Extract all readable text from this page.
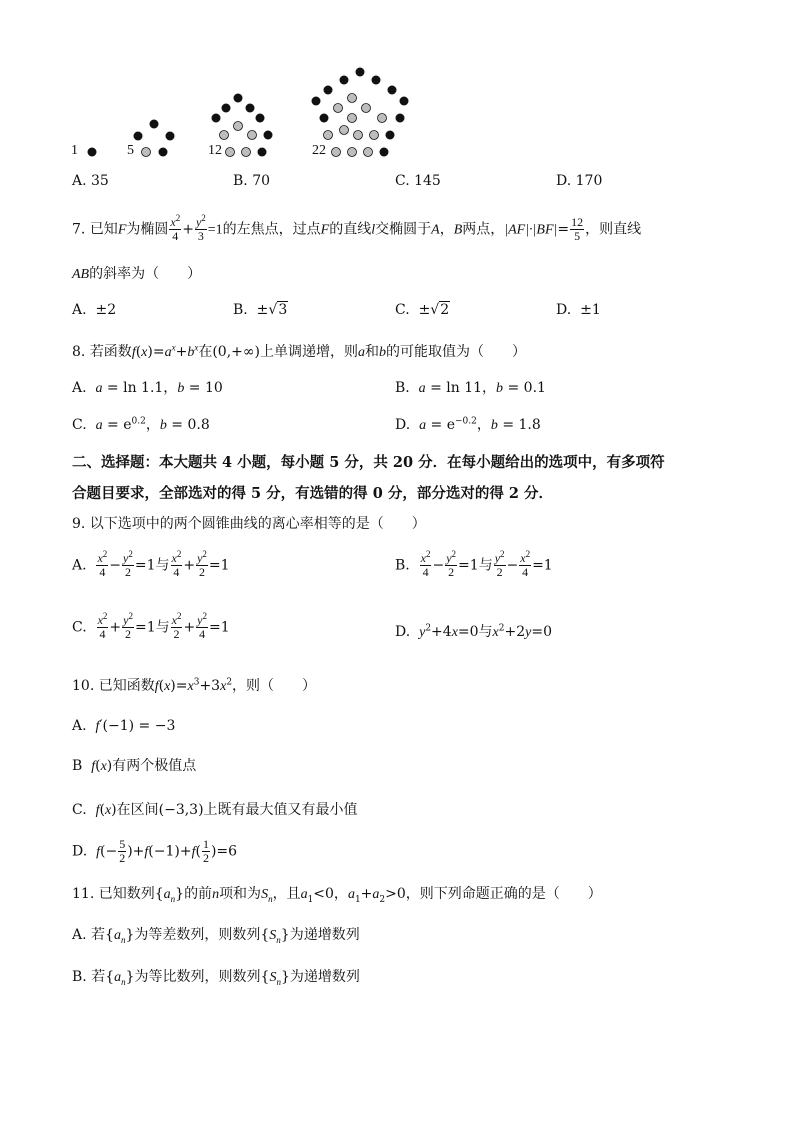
1	5	12	22
A. 35	B. 70	C. 145	D. 170
7. 已知F为椭圆 $\frac{x^2}{4} + \frac{y^2}{3} =1$的左焦点，过点F的直线l交椭圆于A，B两点，$|AF|\cdot|BF|= \frac{12}{5}$ ，则直线
AB的斜率为（　　）
A.  ±2	B.  ±√3	C.  ±√2	D.  ±1
8. 若函数$f(x)=a^x+b^x$在(0,+∞)上单调递增，则a和b的可能取值为（　　）
A. a = ln 1.1，b = 10	B. a = ln 11，b = 0.1
C. $a = e^{0.2}$，b = 0.8	D. $a = e^{-0.2}$，b = 1.8
二、选择题：本大题共 4 小题，每小题 5 分，共 20 分．在每小题给出的选项中，有多项符
合题目要求，全部选对的得 5 分，有选错的得 0 分，部分选对的得 2 分．
9. 以下选项中的两个圆锥曲线的离心率相等的是（　　）
A. $\frac{x^2}{4} - \frac{y^2}{2} =1$与 $\frac{x^2}{4} + \frac{y^2}{2} =1$	B. $\frac{x^2}{4} - \frac{y^2}{2} =1$与 $\frac{y^2}{2} - \frac{x^2}{4} =1$
C. $\frac{x^2}{4} + \frac{y^2}{2} =1$与 $\frac{x^2}{2} + \frac{y^2}{4} =1$	D. $y^2+4x=0$与$x^2+2y=0$
10. 已知函数$f(x)=x^3+3x^2$，则（　　）
A. f′(−1) = −3
B f(x)有两个极值点
C. f(x)在区间(−3,3)上既有最大值又有最小值
D. $f(- \frac{5}{2} )+f(-1)+f( \frac{1}{2} )=6$
11. 已知数列$\{a_n\}$的前n项和为$S_n$，且$a_1<0$，$a_1+a_2>0$，则下列命题正确的是（　　）
A. 若$\{a_n\}$为等差数列，则数列$\{S_n\}$为递增数列
B. 若$\{a_n\}$为等比数列，则数列$\{S_n\}$为递增数列
